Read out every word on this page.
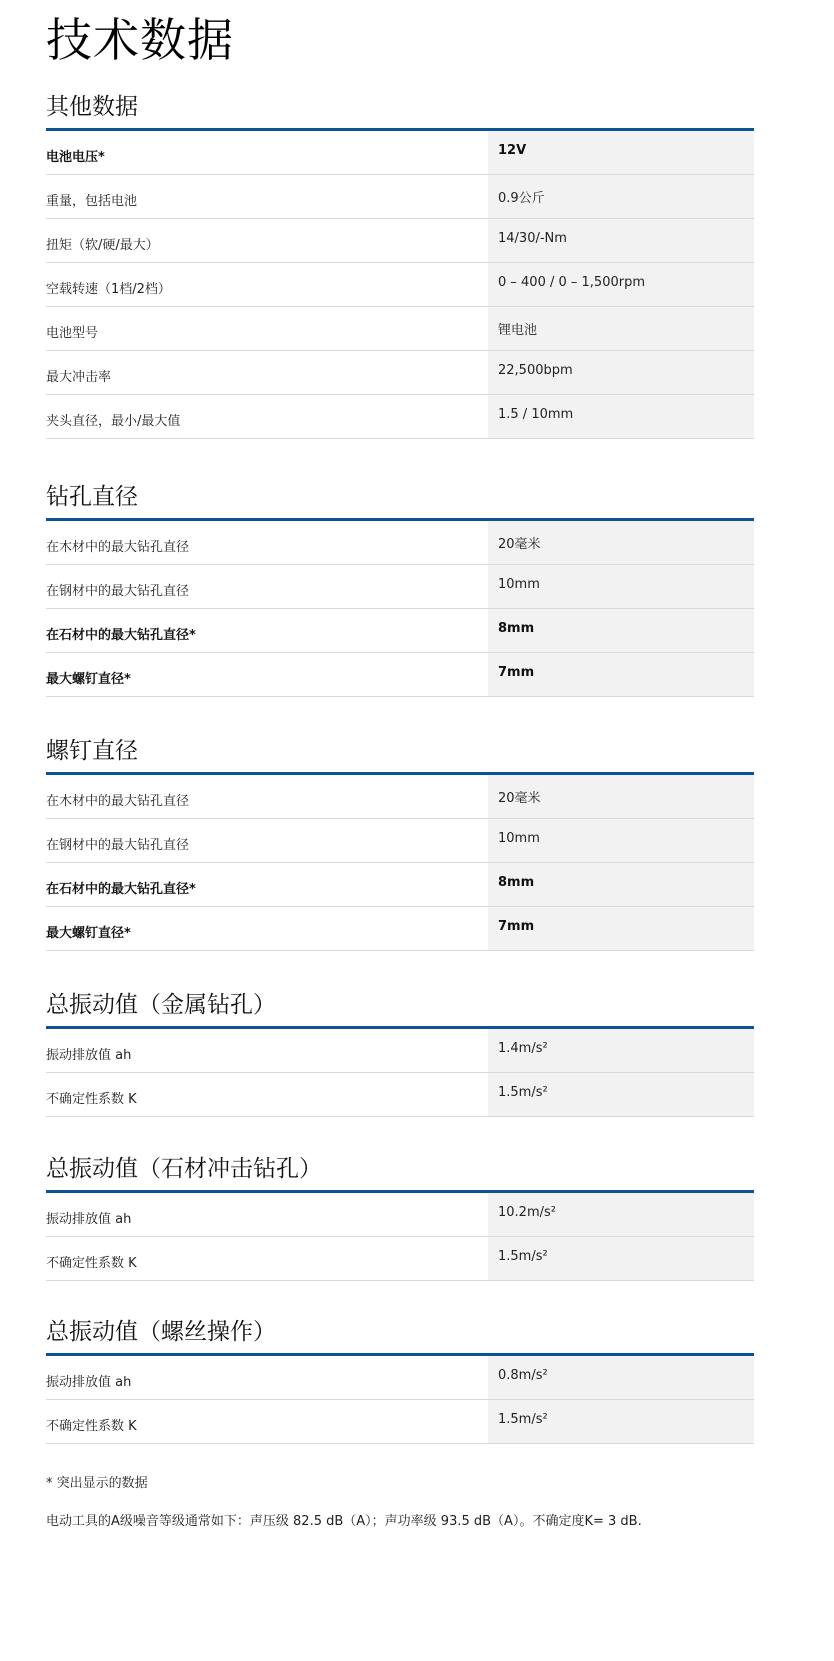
技术数据
其他数据
电池电压*	12V
重量，包括电池	0.9公斤
扭矩（软/硬/最大）	14/30/-Nm
空载转速（1档/2档）	0 – 400 / 0 – 1,500rpm
电池型号	锂电池
最大冲击率	22,500bpm
夹头直径，最小/最大值	1.5 / 10mm
钻孔直径
在木材中的最大钻孔直径	20毫米
在钢材中的最大钻孔直径	10mm
在石材中的最大钻孔直径*	8mm
最大螺钉直径*	7mm
螺钉直径
在木材中的最大钻孔直径	20毫米
在钢材中的最大钻孔直径	10mm
在石材中的最大钻孔直径*	8mm
最大螺钉直径*	7mm
总振动值（金属钻孔）
振动排放值 ah	1.4m/s²
不确定性系数 K	1.5m/s²
总振动值（石材冲击钻孔）
振动排放值 ah	10.2m/s²
不确定性系数 K	1.5m/s²
总振动值（螺丝操作）
振动排放值 ah	0.8m/s²
不确定性系数 K	1.5m/s²

* 突出显示的数据

电动工具的A级噪音等级通常如下：声压级 82.5 dB（A）；声功率级 93.5 dB（A）。不确定度K= 3 dB.
